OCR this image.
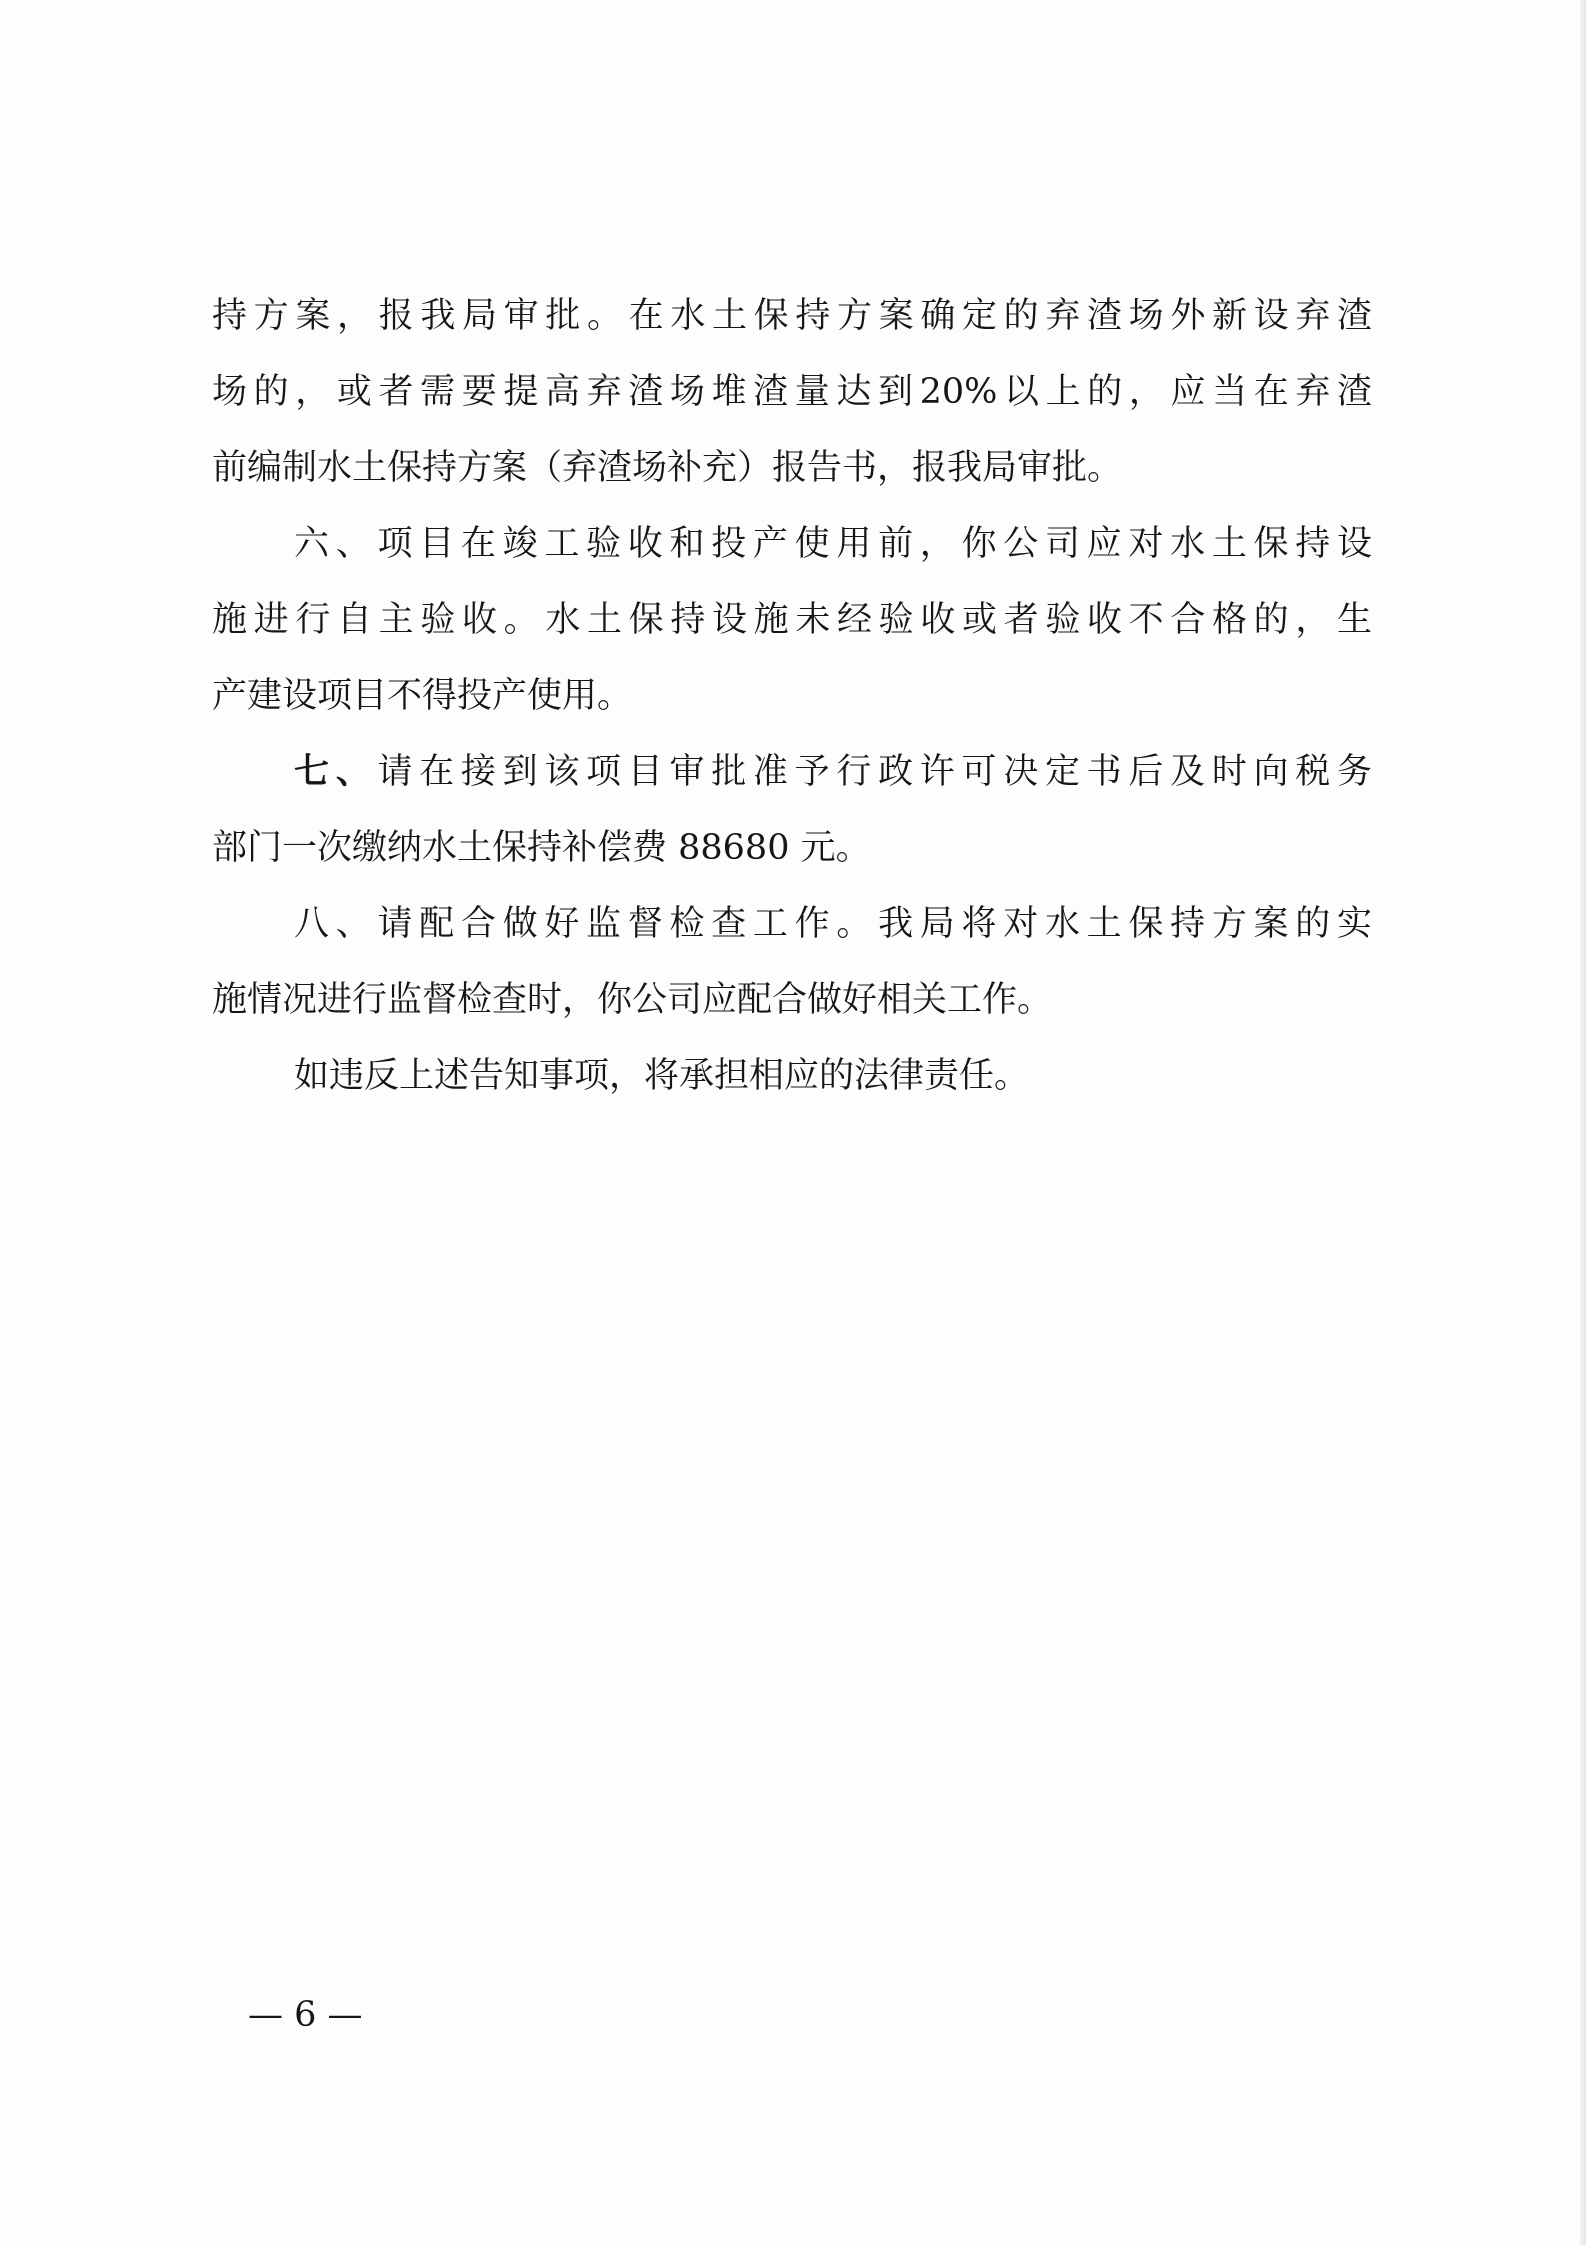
持方案，报我局审批。在水土保持方案确定的弃渣场外新设弃渣
场的，或者需要提高弃渣场堆渣量达到20%以上的，应当在弃渣
前编制水土保持方案（弃渣场补充）报告书，报我局审批。
六、项目在竣工验收和投产使用前，你公司应对水土保持设
施进行自主验收。水土保持设施未经验收或者验收不合格的，生
产建设项目不得投产使用。
七、请在接到该项目审批准予行政许可决定书后及时向税务
部门一次缴纳水土保持补偿费 88680 元。
八、请配合做好监督检查工作。我局将对水土保持方案的实
施情况进行监督检查时，你公司应配合做好相关工作。
如违反上述告知事项，将承担相应的法律责任。
— 6 —
